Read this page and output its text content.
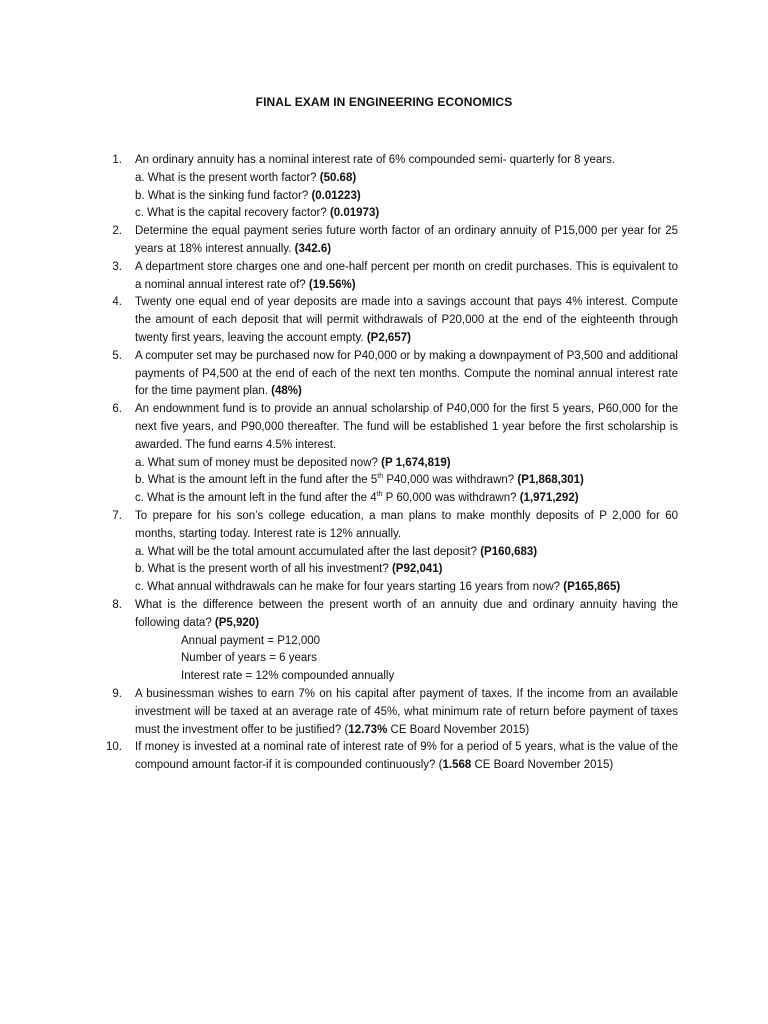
FINAL EXAM IN ENGINEERING ECONOMICS
1. An ordinary annuity has a nominal interest rate of 6% compounded semi- quarterly for 8 years.
a. What is the present worth factor? (50.68)
b. What is the sinking fund factor? (0.01223)
c. What is the capital recovery factor? (0.01973)
2. Determine the equal payment series future worth factor of an ordinary annuity of P15,000 per year for 25 years at 18% interest annually. (342.6)
3. A department store charges one and one-half percent per month on credit purchases. This is equivalent to a nominal annual interest rate of? (19.56%)
4. Twenty one equal end of year deposits are made into a savings account that pays 4% interest. Compute the amount of each deposit that will permit withdrawals of P20,000 at the end of the eighteenth through twenty first years, leaving the account empty. (P2,657)
5. A computer set may be purchased now for P40,000 or by making a downpayment of P3,500 and additional payments of P4,500 at the end of each of the next ten months. Compute the nominal annual interest rate for the time payment plan. (48%)
6. An endownment fund is to provide an annual scholarship of P40,000 for the first 5 years, P60,000 for the next five years, and P90,000 thereafter. The fund will be established 1 year before the first scholarship is awarded. The fund earns 4.5% interest.
a. What sum of money must be deposited now? (P 1,674,819)
b. What is the amount left in the fund after the 5th P40,000 was withdrawn? (P1,868,301)
c. What is the amount left in the fund after the 4th P 60,000 was withdrawn? (1,971,292)
7. To prepare for his son’s college education, a man plans to make monthly deposits of P 2,000 for 60 months, starting today. Interest rate is 12% annually.
a. What will be the total amount accumulated after the last deposit? (P160,683)
b. What is the present worth of all his investment? (P92,041)
c. What annual withdrawals can he make for four years starting 16 years from now? (P165,865)
8. What is the difference between the present worth of an annuity due and ordinary annuity having the following data? (P5,920)
Annual payment = P12,000
Number of years = 6 years
Interest rate = 12% compounded annually
9. A businessman wishes to earn 7% on his capital after payment of taxes. If the income from an available investment will be taxed at an average rate of 45%, what minimum rate of return before payment of taxes must the investment offer to be justified? (12.73% CE Board November 2015)
10. If money is invested at a nominal rate of interest rate of 9% for a period of 5 years, what is the value of the compound amount factor-if it is compounded continuously? (1.568 CE Board November 2015)
